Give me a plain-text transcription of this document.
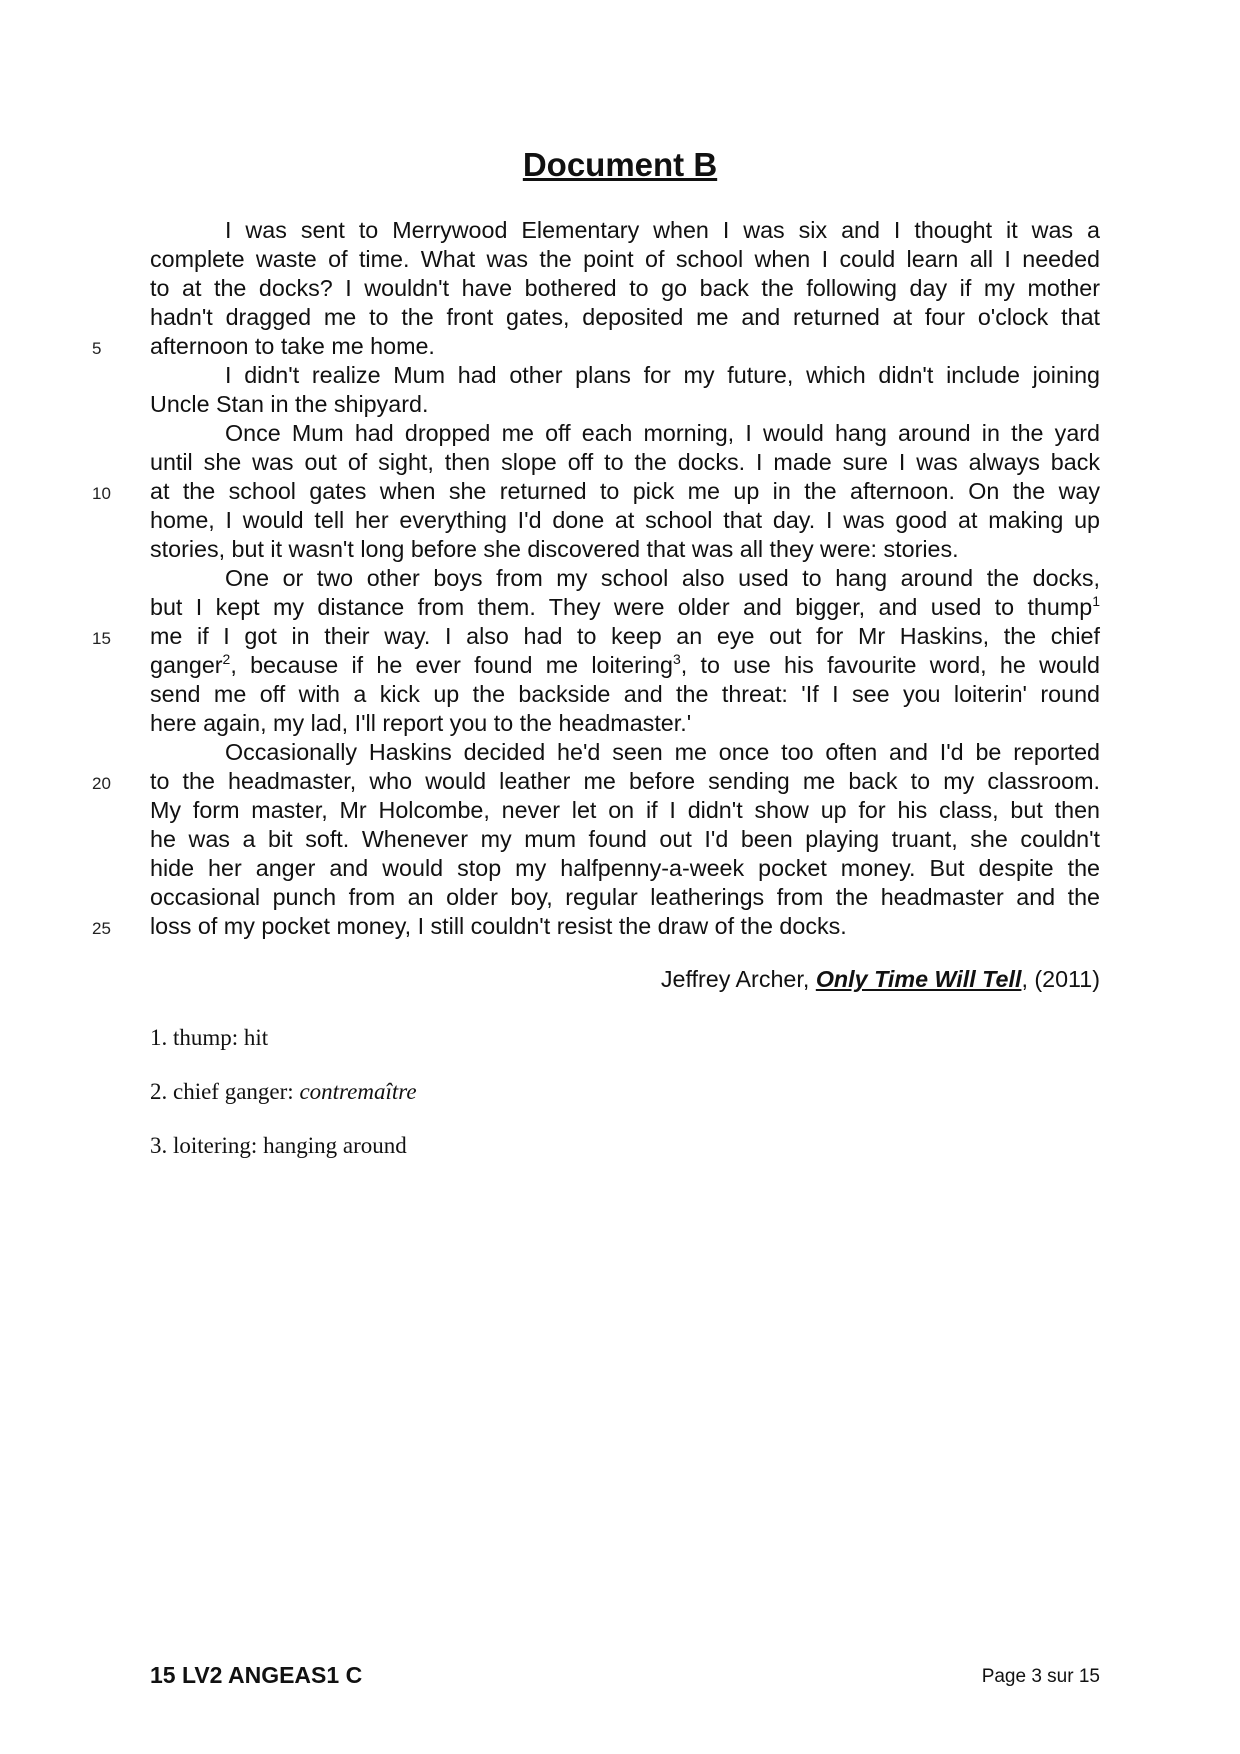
Document B
I was sent to Merrywood Elementary when I was six and I thought it was a
complete waste of time. What was the point of school when I could learn all I needed
to at the docks? I wouldn't have bothered to go back the following day if my mother
hadn't dragged me to the front gates, deposited me and returned at four o'clock that
5	afternoon to take me home.
I didn't realize Mum had other plans for my future, which didn't include joining
Uncle Stan in the shipyard.
Once Mum had dropped me off each morning, I would hang around in the yard
until she was out of sight, then slope off to the docks. I made sure I was always back
10	at the school gates when she returned to pick me up in the afternoon. On the way
home, I would tell her everything I'd done at school that day. I was good at making up
stories, but it wasn't long before she discovered that was all they were: stories.
One or two other boys from my school also used to hang around the docks,
but I kept my distance from them. They were older and bigger, and used to thump$^1$
15	me if I got in their way. I also had to keep an eye out for Mr Haskins, the chief
ganger$^2$, because if he ever found me loitering$^3$, to use his favourite word, he would
send me off with a kick up the backside and the threat: 'If I see you loiterin' round
here again, my lad, I'll report you to the headmaster.'
Occasionally Haskins decided he'd seen me once too often and I'd be reported
20	to the headmaster, who would leather me before sending me back to my classroom.
My form master, Mr Holcombe, never let on if I didn't show up for his class, but then
he was a bit soft. Whenever my mum found out I'd been playing truant, she couldn't
hide her anger and would stop my halfpenny-a-week pocket money. But despite the
occasional punch from an older boy, regular leatherings from the headmaster and the
25	loss of my pocket money, I still couldn't resist the draw of the docks.
Jeffrey Archer, Only Time Will Tell, (2011)
1. thump: hit
2. chief ganger: contremaître
3. loitering: hanging around
15 LV2 ANGEAS1 C	Page 3 sur 15
